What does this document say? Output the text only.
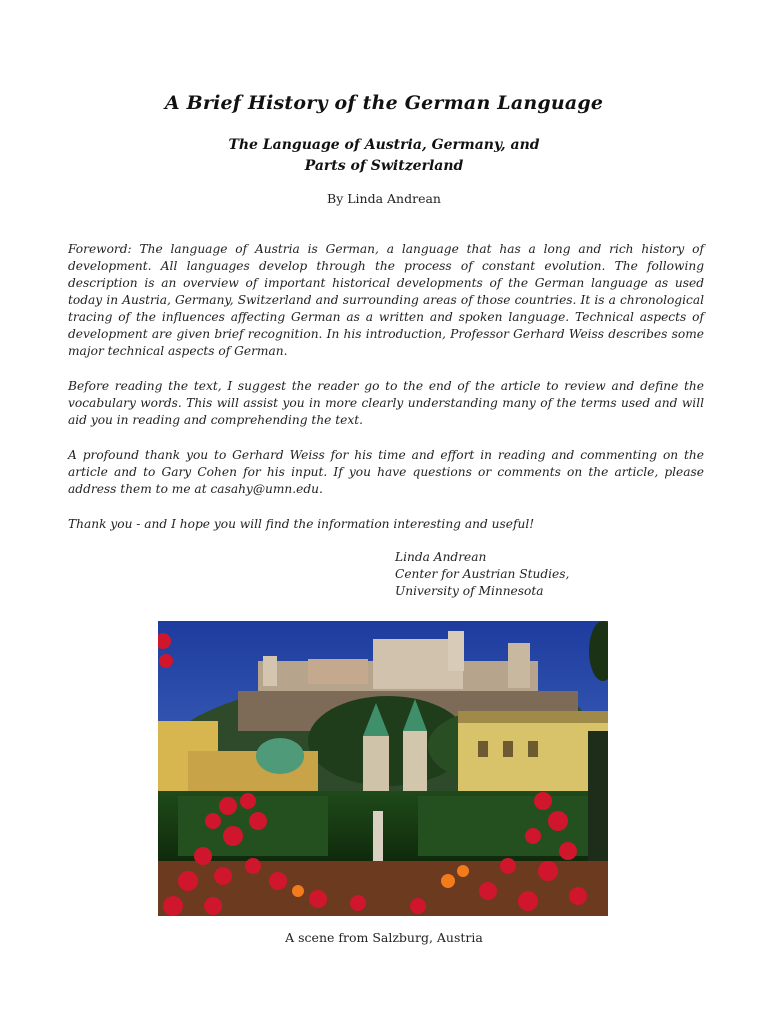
A Brief History of the German Language
The Language of Austria, Germany, and
Parts of Switzerland
By Linda Andrean
Foreword: The language of Austria is German, a language that has a long and rich history of development. All languages develop through the process of constant evolution. The following description is an overview of important historical developments of the German language as used today in Austria, Germany, Switzerland and surrounding areas of those countries. It is a chronological tracing of the influences affecting German as a written and spoken language. Technical aspects of development are given brief recognition. In his introduction, Professor Gerhard Weiss describes some major technical aspects of German.
Before reading the text, I suggest the reader go to the end of the article to review and define the vocabulary words. This will assist you in more clearly understanding many of the terms used and will aid you in reading and comprehending the text.
A profound thank you to Gerhard Weiss for his time and effort in reading and commenting on the article and to Gary Cohen for his input. If you have questions or comments on the article, please address them to me at casahy@umn.edu.
Thank you - and I hope you will find the information interesting and useful!
Linda Andrean
Center for Austrian Studies,
University of Minnesota
A scene from Salzburg, Austria
